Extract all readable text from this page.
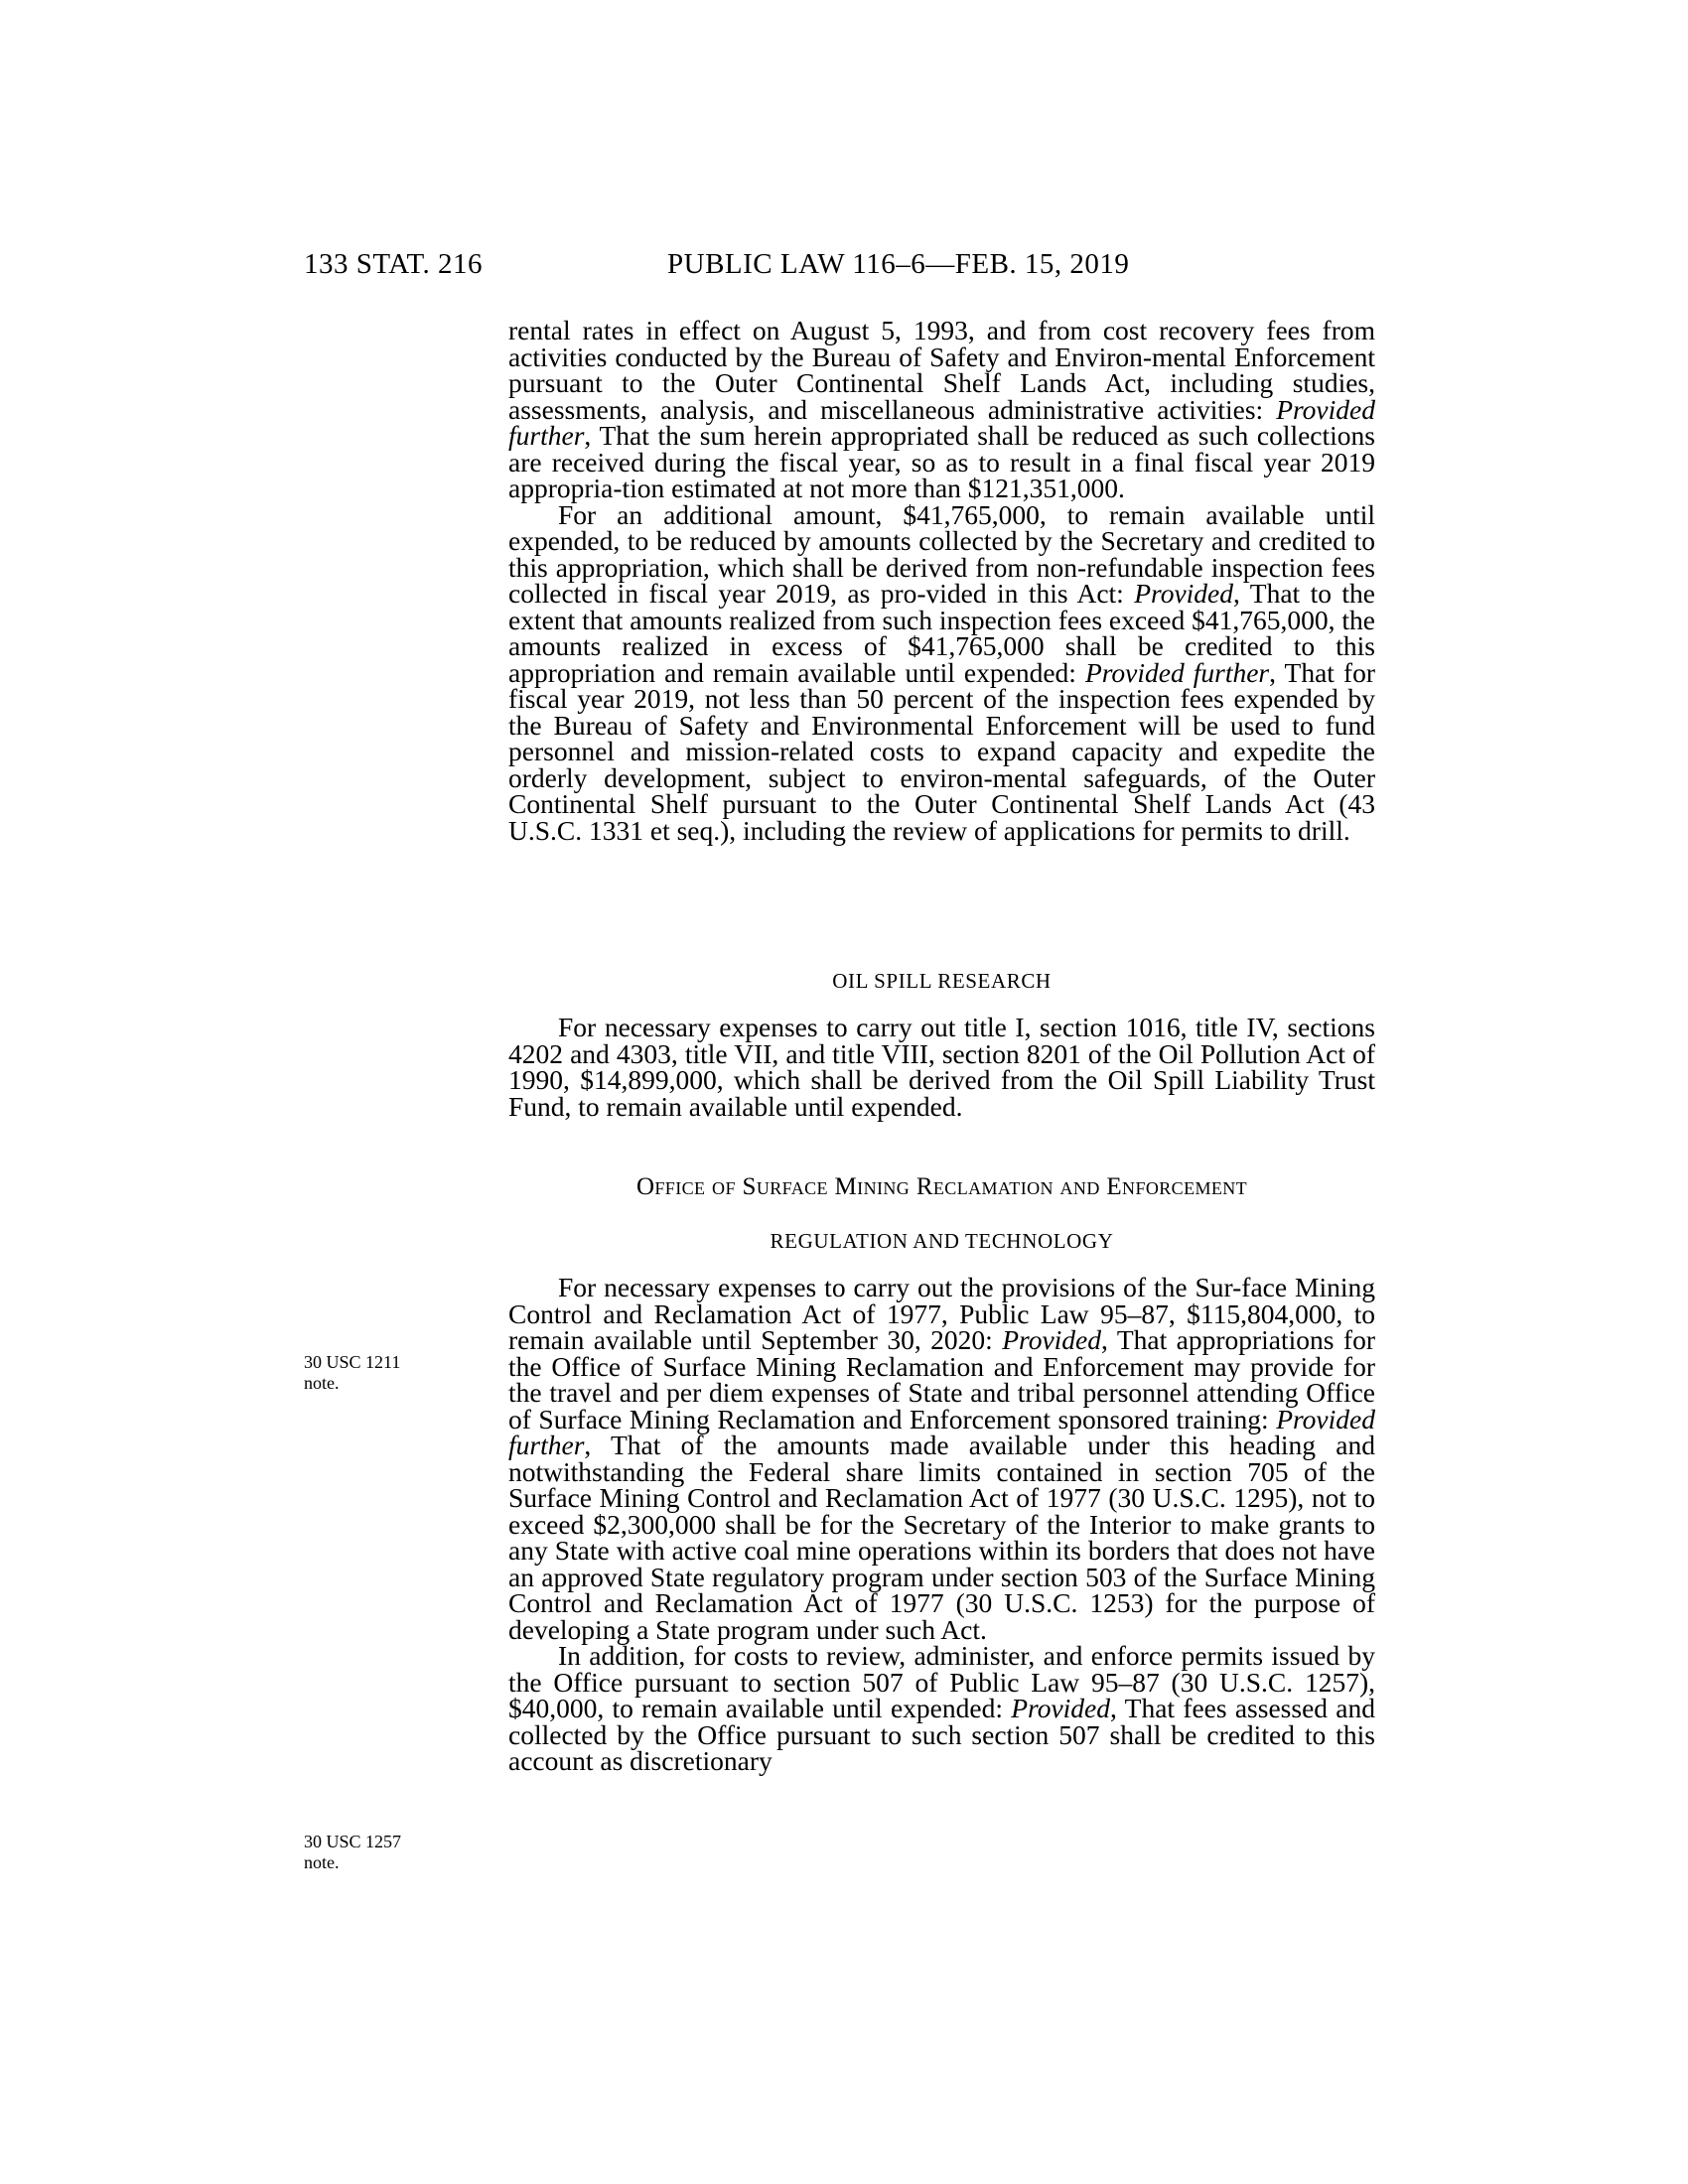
133 STAT. 216	PUBLIC LAW 116–6—FEB. 15, 2019

rental rates in effect on August 5, 1993, and from cost recovery fees from activities conducted by the Bureau of Safety and Environ-mental Enforcement pursuant to the Outer Continental Shelf Lands Act, including studies, assessments, analysis, and miscellaneous administrative activities: Provided further, That the sum herein appropriated shall be reduced as such collections are received during the fiscal year, so as to result in a final fiscal year 2019 appropria-tion estimated at not more than $121,351,000.

For an additional amount, $41,765,000, to remain available until expended, to be reduced by amounts collected by the Secretary and credited to this appropriation, which shall be derived from non-refundable inspection fees collected in fiscal year 2019, as pro-vided in this Act: Provided, That to the extent that amounts realized from such inspection fees exceed $41,765,000, the amounts realized in excess of $41,765,000 shall be credited to this appropriation and remain available until expended: Provided further, That for fiscal year 2019, not less than 50 percent of the inspection fees expended by the Bureau of Safety and Environmental Enforcement will be used to fund personnel and mission-related costs to expand capacity and expedite the orderly development, subject to environ-mental safeguards, of the Outer Continental Shelf pursuant to the Outer Continental Shelf Lands Act (43 U.S.C. 1331 et seq.), including the review of applications for permits to drill.

OIL SPILL RESEARCH

For necessary expenses to carry out title I, section 1016, title IV, sections 4202 and 4303, title VII, and title VIII, section 8201 of the Oil Pollution Act of 1990, $14,899,000, which shall be derived from the Oil Spill Liability Trust Fund, to remain available until expended.

Office of Surface Mining Reclamation and Enforcement
REGULATION AND TECHNOLOGY

For necessary expenses to carry out the provisions of the Sur-face Mining Control and Reclamation Act of 1977, Public Law 95–87, $115,804,000, to remain available until September 30, 2020: Provided, That appropriations for the Office of Surface Mining Reclamation and Enforcement may provide for the travel and per diem expenses of State and tribal personnel attending Office of Surface Mining Reclamation and Enforcement sponsored training: Provided further, That of the amounts made available under this heading and notwithstanding the Federal share limits contained in section 705 of the Surface Mining Control and Reclamation Act of 1977 (30 U.S.C. 1295), not to exceed $2,300,000 shall be for the Secretary of the Interior to make grants to any State with active coal mine operations within its borders that does not have an approved State regulatory program under section 503 of the Surface Mining Control and Reclamation Act of 1977 (30 U.S.C. 1253) for the purpose of developing a State program under such Act.

In addition, for costs to review, administer, and enforce permits issued by the Office pursuant to section 507 of Public Law 95–87 (30 U.S.C. 1257), $40,000, to remain available until expended: Provided, That fees assessed and collected by the Office pursuant to such section 507 shall be credited to this account as discretionary

30 USC 1211 note.
30 USC 1257 note.
